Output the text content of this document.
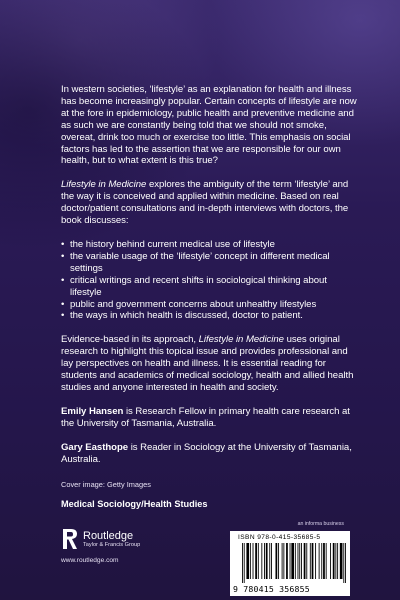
In western societies, ‘lifestyle’ as an explanation for health and illness has become increasingly popular. Certain concepts of lifestyle are now at the fore in epidemiology, public health and preventive medicine and as such we are constantly being told that we should not smoke, overeat, drink too much or exercise too little. This emphasis on social factors has led to the assertion that we are responsible for our own health, but to what extent is this true?

Lifestyle in Medicine explores the ambiguity of the term ‘lifestyle’ and the way it is conceived and applied within medicine. Based on real doctor/patient consultations and in-depth interviews with doctors, the book discusses:

• the history behind current medical use of lifestyle
• the variable usage of the ‘lifestyle’ concept in different medical settings
• critical writings and recent shifts in sociological thinking about lifestyle
• public and government concerns about unhealthy lifestyles
• the ways in which health is discussed, doctor to patient.

Evidence-based in its approach, Lifestyle in Medicine uses original research to highlight this topical issue and provides professional and lay perspectives on health and illness. It is essential reading for students and academics of medical sociology, health and allied health studies and anyone interested in health and society.

Emily Hansen is Research Fellow in primary health care research at the University of Tasmania, Australia.

Gary Easthope is Reader in Sociology at the University of Tasmania, Australia.

Cover image: Getty Images
Medical Sociology/Health Studies
Routledge
Taylor & Francis Group
www.routledge.com
an informa business
ISBN 978-0-415-35685-5
9 780415 356855
